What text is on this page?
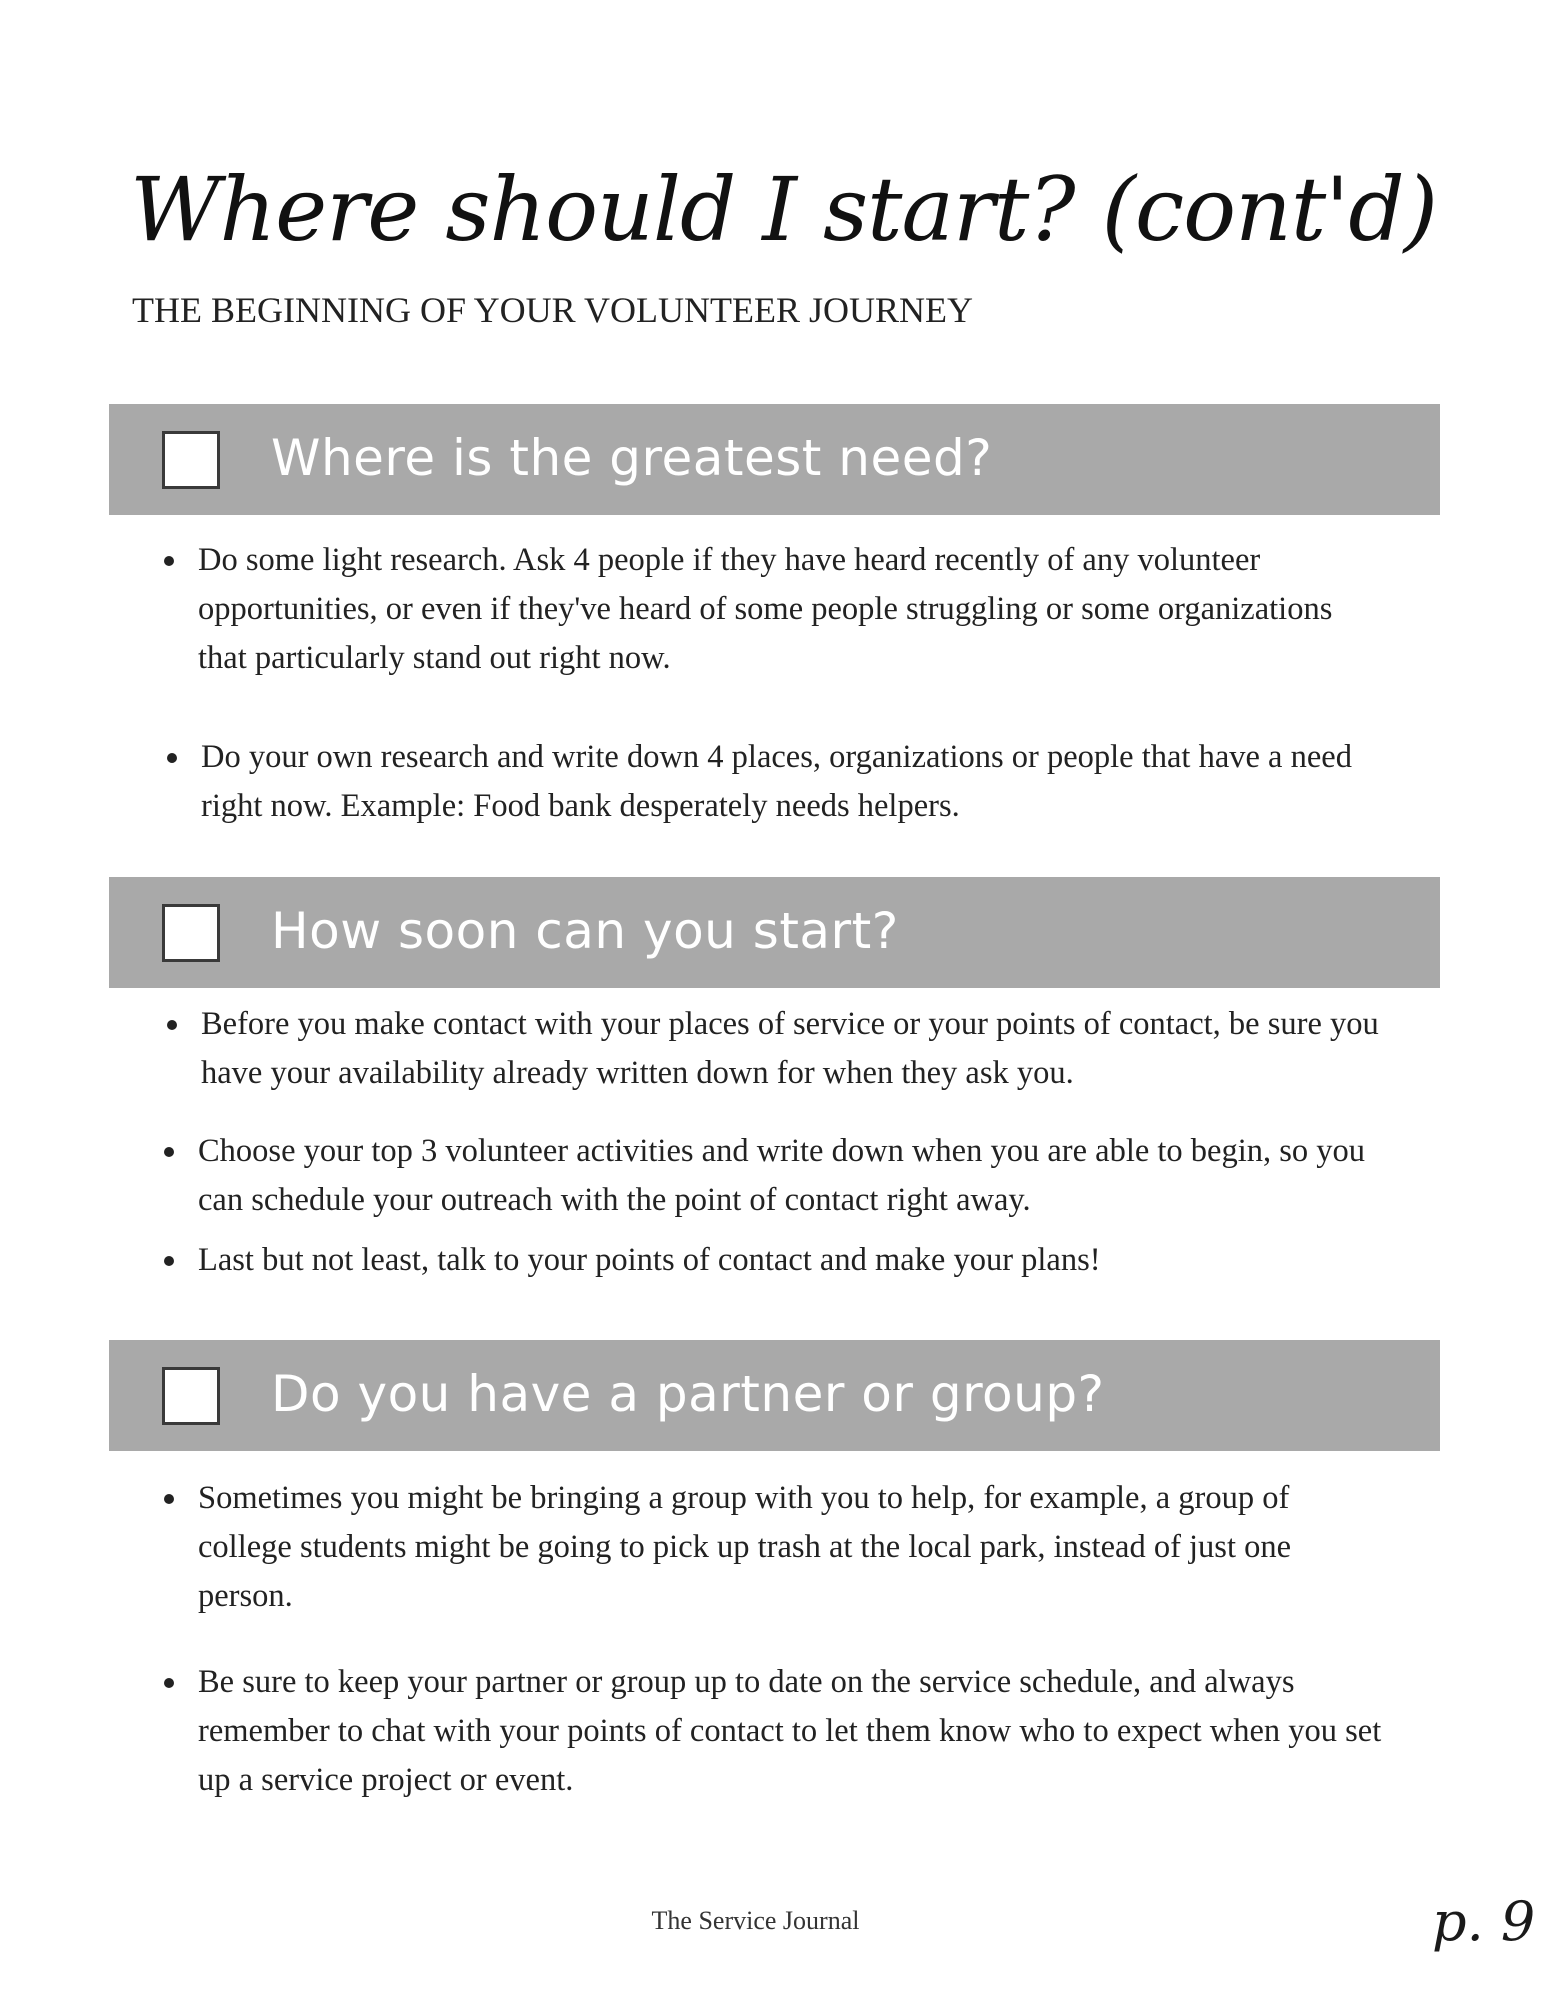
Where should I start? (cont'd)

THE BEGINNING OF YOUR VOLUNTEER JOURNEY

Where is the greatest need?

Do some light research. Ask 4 people if they have heard recently of any volunteer opportunities, or even if they've heard of some people struggling or some organizations that particularly stand out right now.

Do your own research and write down 4 places, organizations or people that have a need right now. Example: Food bank desperately needs helpers.

How soon can you start?

Before you make contact with your places of service or your points of contact, be sure you have your availability already written down for when they ask you.

Choose your top 3 volunteer activities and write down when you are able to begin, so you can schedule your outreach with the point of contact right away.

Last but not least, talk to your points of contact and make your plans!

Do you have a partner or group?

Sometimes you might be bringing a group with you to help, for example, a group of college students might be going to pick up trash at the local park, instead of just one person.

Be sure to keep your partner or group up to date on the service schedule, and always remember to chat with your points of contact to let them know who to expect when you set up a service project or event.

The Service Journal	p. 9
